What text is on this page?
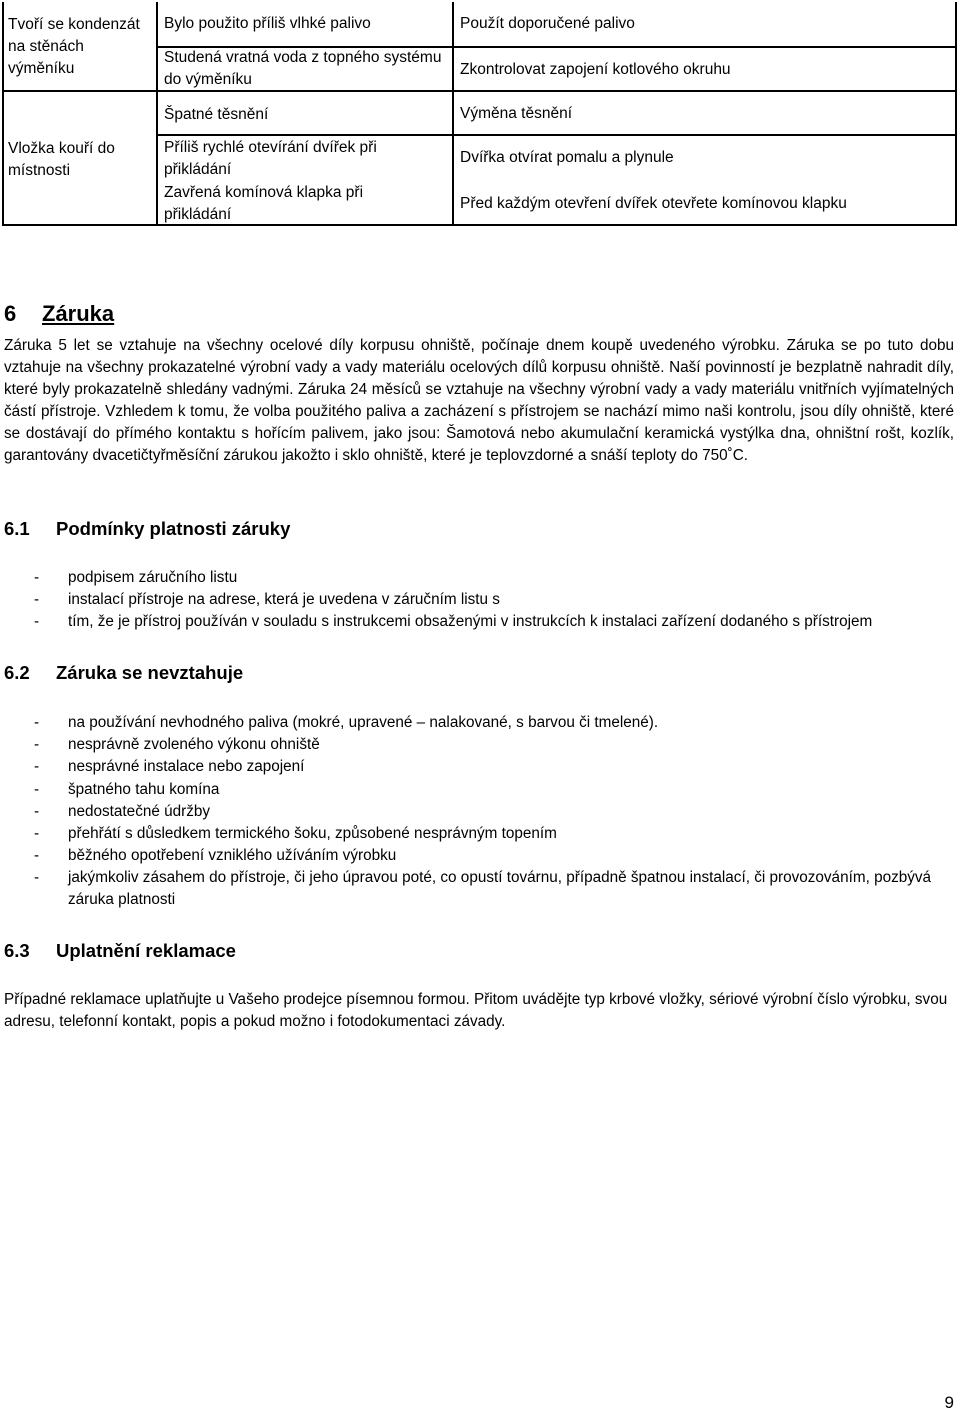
Tvoří se kondenzát na stěnách výměníku
Vložka kouří do místnosti
Bylo použito příliš vlhké palivo
Studená vratná voda z topného systému do výměníku
Špatné těsnění
Příliš rychlé otevírání dvířek při přikládání
Zavřená komínová klapka při přikládání
Použít doporučené palivo
Zkontrolovat zapojení kotlového okruhu
Výměna těsnění
Dvířka otvírat pomalu a plynule
Před každým otevření dvířek otevřete komínovou klapku
6 Záruka
Záruka 5 let se vztahuje na všechny ocelové díly korpusu ohniště, počínaje dnem koupě uvedeného výrobku. Záruka se po tuto dobu vztahuje na všechny prokazatelné výrobní vady a vady materiálu ocelových dílů korpusu ohniště. Naší povinností je bezplatně nahradit díly, které byly prokazatelně shledány vadnými. Záruka 24 měsíců se vztahuje na všechny výrobní vady a vady materiálu vnitřních vyjímatelných částí přístroje. Vzhledem k tomu, že volba použitého paliva a zacházení s přístrojem se nachází mimo naši kontrolu, jsou díly ohniště, které se dostávají do přímého kontaktu s hořícím palivem, jako jsou: Šamotová nebo akumulační keramická vystýlka dna, ohništní rošt, kozlík, garantovány dvacetičtyřměsíční zárukou jakožto i sklo ohniště, které je teplovzdorné a snáší teploty do 750˚C.
6.1 Podmínky platnosti záruky
- podpisem záručního listu
- instalací přístroje na adrese, která je uvedena v záručním listu s
- tím, že je přístroj používán v souladu s instrukcemi obsaženými v instrukcích k instalaci zařízení dodaného s přístrojem
6.2 Záruka se nevztahuje
- na používání nevhodného paliva (mokré, upravené – nalakované, s barvou či tmelené).
- nesprávně zvoleného výkonu ohniště
- nesprávné instalace nebo zapojení
- špatného tahu komína
- nedostatečné údržby
- přehřátí s důsledkem termického šoku, způsobené nesprávným topením
- běžného opotřebení vzniklého užíváním výrobku
- jakýmkoliv zásahem do přístroje, či jeho úpravou poté, co opustí továrnu, případně špatnou instalací, či provozováním, pozbývá záruka platnosti
6.3 Uplatnění reklamace
Případné reklamace uplatňujte u Vašeho prodejce písemnou formou. Přitom uvádějte typ krbové vložky, sériové výrobní číslo výrobku, svou adresu, telefonní kontakt, popis a pokud možno i fotodokumentaci závady.
9
